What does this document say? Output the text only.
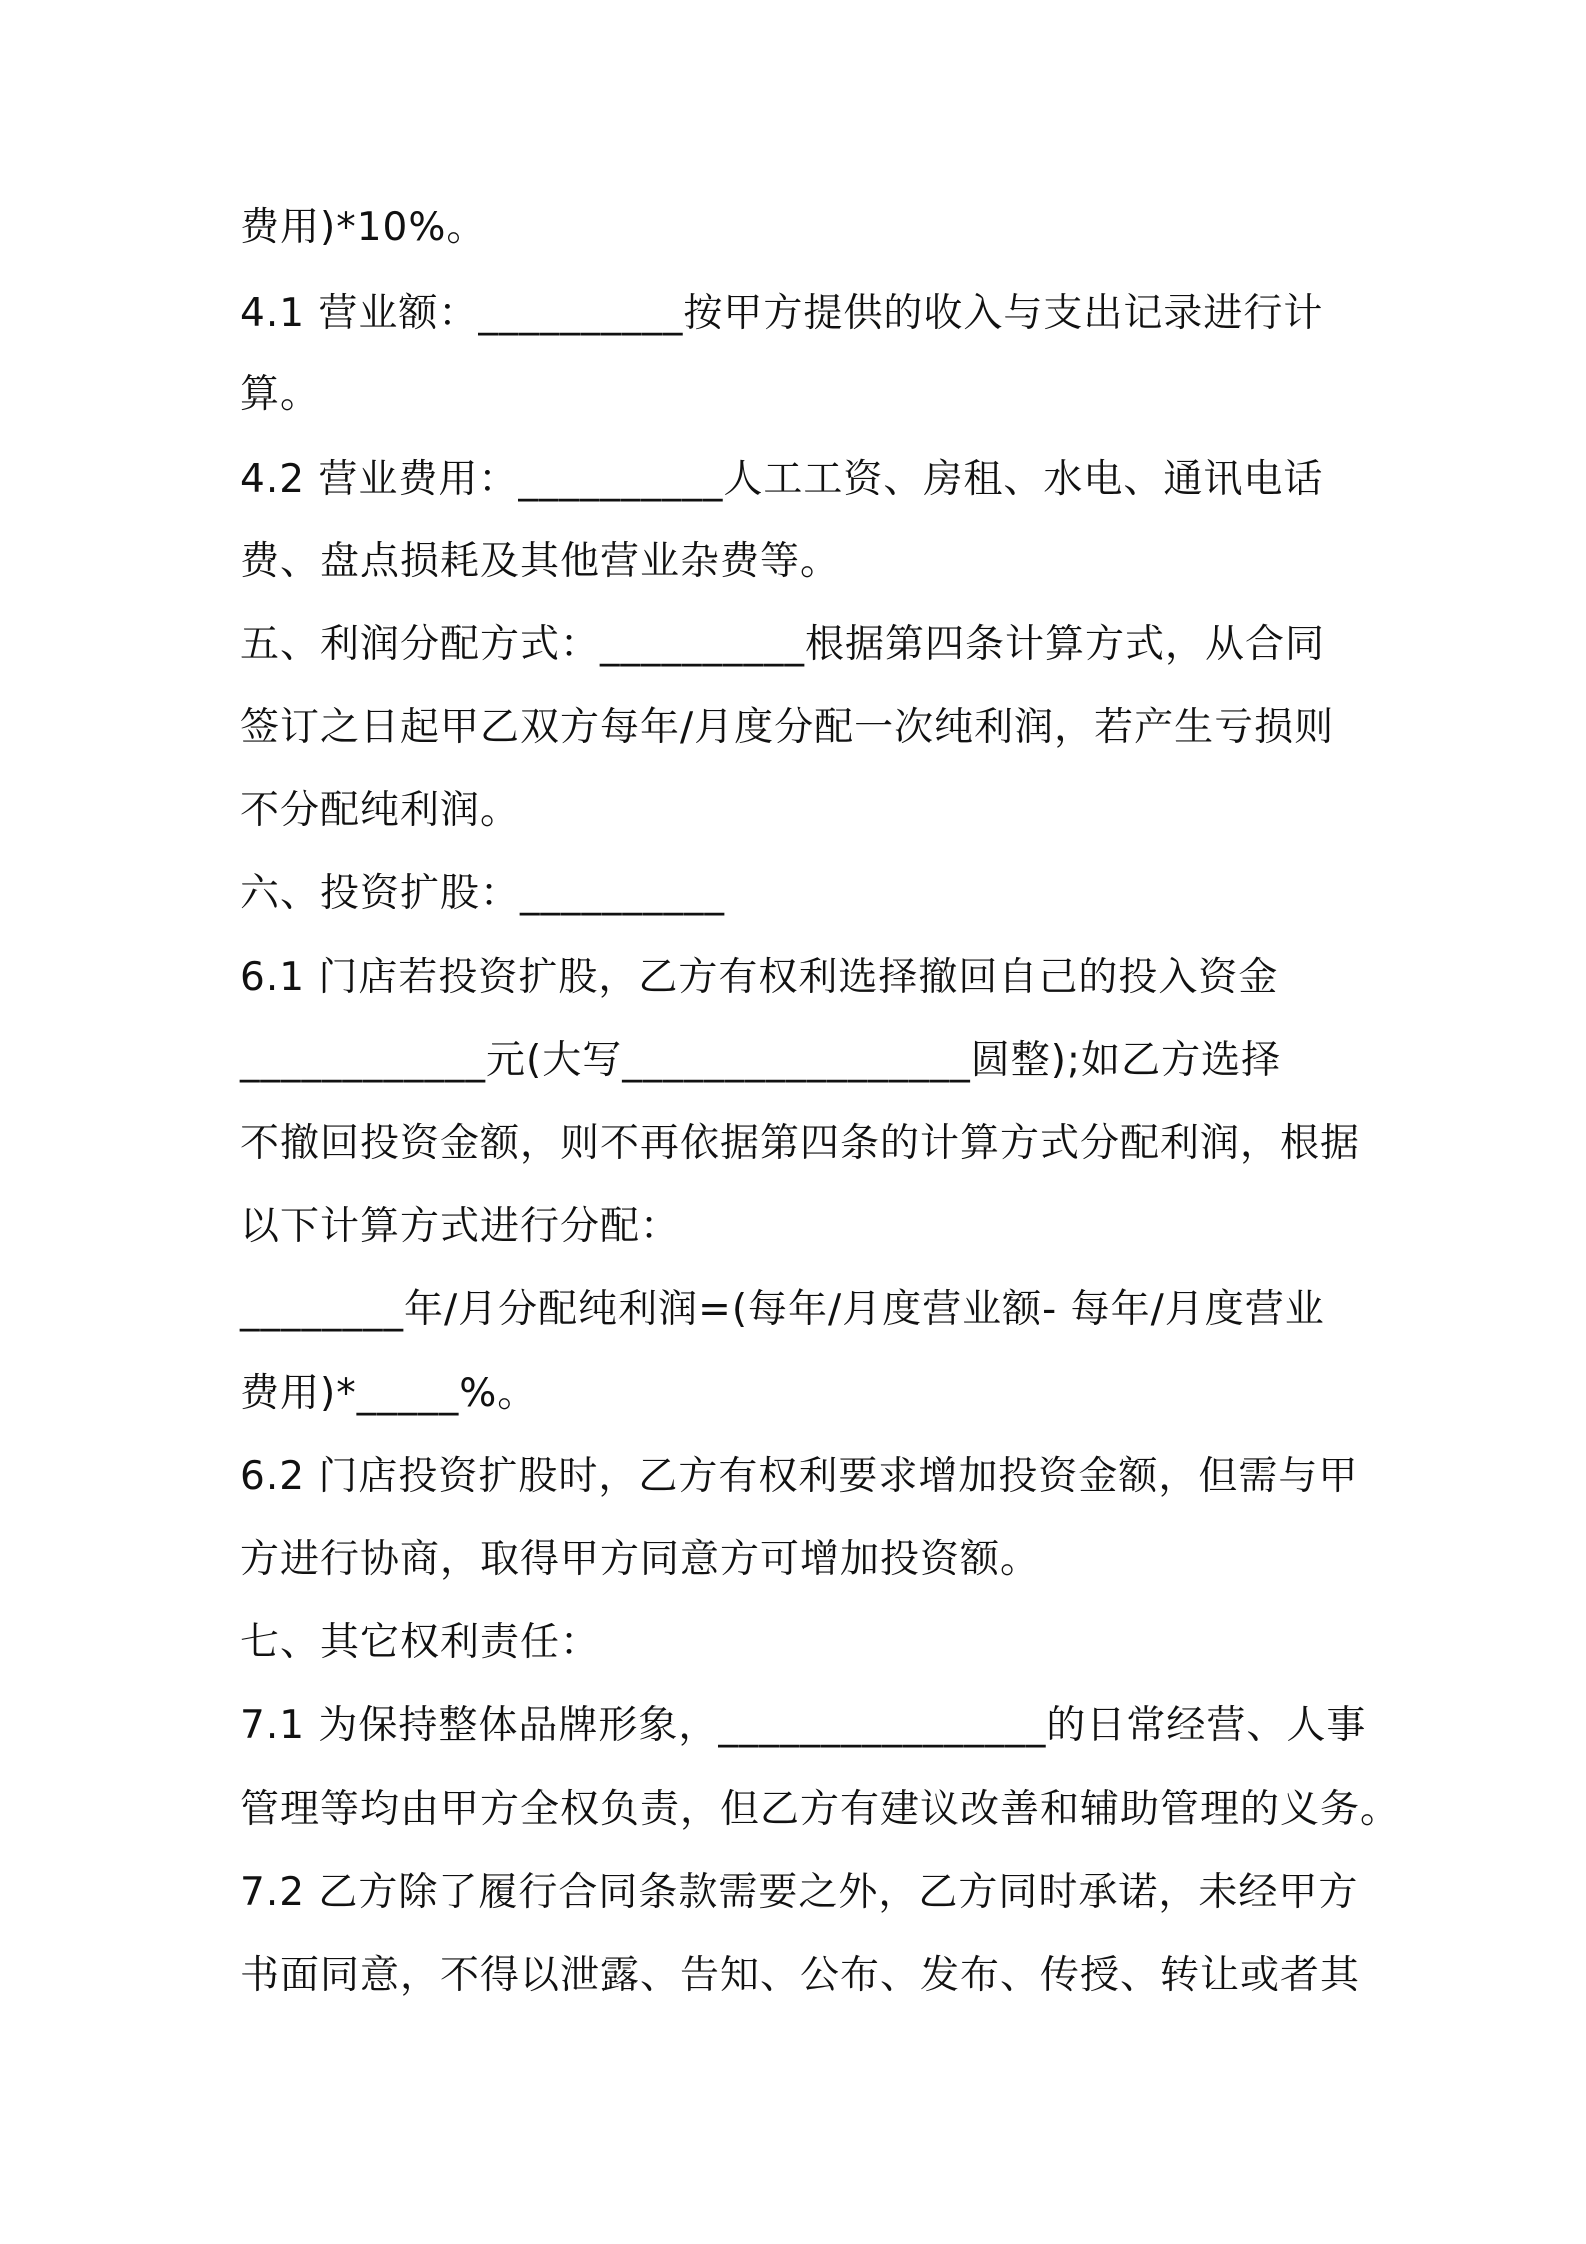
费用)*10%。

4.1 营业额：__________按甲方提供的收入与支出记录进行计

算。

4.2 营业费用：__________人工工资、房租、水电、通讯电话

费、盘点损耗及其他营业杂费等。

五、利润分配方式：__________根据第四条计算方式，从合同

签订之日起甲乙双方每年/月度分配一次纯利润，若产生亏损则

不分配纯利润。

六、投资扩股：__________

6.1 门店若投资扩股，乙方有权利选择撤回自己的投入资金

____________元(大写_________________圆整);如乙方选择

不撤回投资金额，则不再依据第四条的计算方式分配利润，根据

以下计算方式进行分配：

________年/月分配纯利润=(每年/月度营业额- 每年/月度营业

费用)*_____%。

6.2 门店投资扩股时，乙方有权利要求增加投资金额，但需与甲

方进行协商，取得甲方同意方可增加投资额。

七、其它权利责任：

7.1 为保持整体品牌形象，________________的日常经营、人事

管理等均由甲方全权负责，但乙方有建议改善和辅助管理的义务。

7.2 乙方除了履行合同条款需要之外，乙方同时承诺，未经甲方

书面同意，不得以泄露、告知、公布、发布、传授、转让或者其
